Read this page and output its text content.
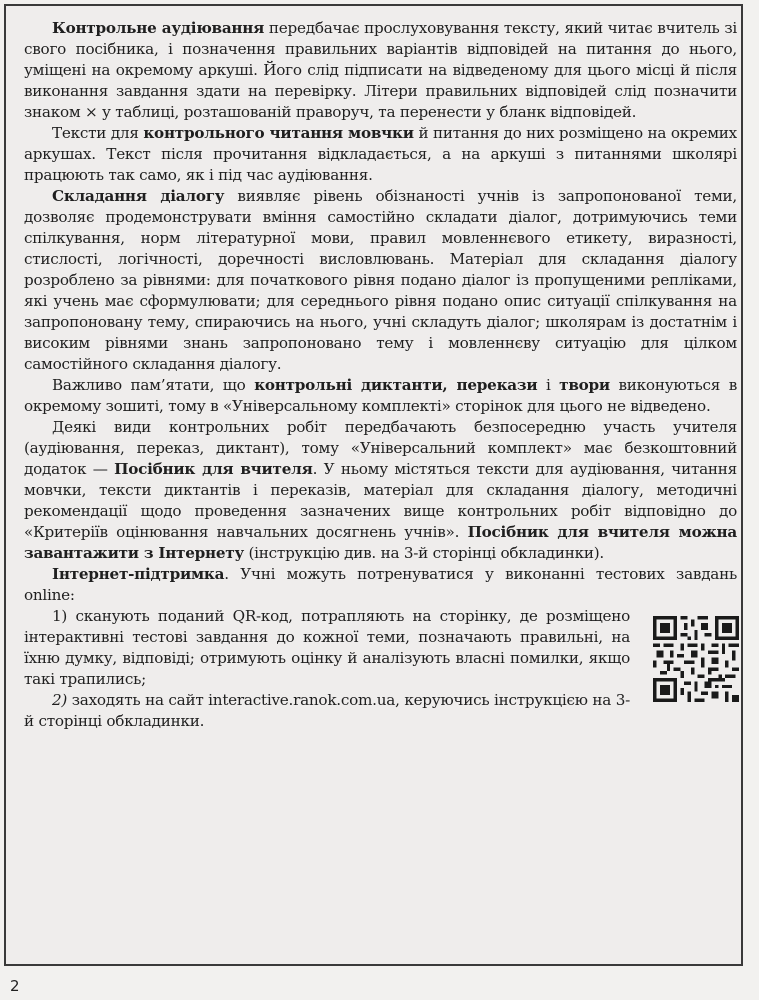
Контрольне аудіювання передбачає прослуховування тексту, який читає вчитель зі свого посібника, і позначення правильних варіантів відповідей на питання до нього, уміщені на окремому аркуші. Його слід підписати на відведеному для цього місці й після виконання завдання здати на перевірку. Літери правильних відповідей слід позначити знаком × у таблиці, розташованій праворуч, та перенести у бланк відповідей.

Тексти для контрольного читання мовчки й питання до них розміщено на окремих аркушах. Текст після прочитання відкладається, а на аркуші з питаннями школярі працюють так само, як і під час аудіювання.

Складання діалогу виявляє рівень обізнаності учнів із запропонованої теми, дозволяє продемонструвати вміння самостійно складати діалог, дотримуючись теми спілкування, норм літературної мови, правил мовленнєвого етикету, виразності, стислості, логічності, доречності висловлювань. Матеріал для складання діалогу розроблено за рівнями: для початкового рівня подано діалог із пропущеними репліками, які учень має сформулювати; для середнього рівня подано опис ситуації спілкування на запропоновану тему, спираючись на нього, учні складуть діалог; школярам із достатнім і високим рівнями знань запропоновано тему і мовленнєву ситуацію для цілком самостійного складання діалогу.

Важливо пам’ятати, що контрольні диктанти, перекази і твори виконуються в окремому зошиті, тому в «Універсальному комплекті» сторінок для цього не відведено.

Деякі види контрольних робіт передбачають безпосередню участь учителя (аудіювання, переказ, диктант), тому «Універсальний комплект» має безкоштовний додаток — Посібник для вчителя. У ньому містяться тексти для аудіювання, читання мовчки, тексти диктантів і переказів, матеріал для складання діалогу, методичні рекомендації щодо проведення зазначених вище контрольних робіт відповідно до «Критеріїв оцінювання навчальних досягнень учнів». Посібник для вчителя можна завантажити з Інтернету (інструкцію див. на 3-й сторінці обкладинки).

Інтернет-підтримка. Учні можуть потренуватися у виконанні тестових завдань online:

1) сканують поданий QR-код, потрапляють на сторінку, де розміщено інтерактивні тестові завдання до кожної теми, позначають правильні, на їхню думку, відповіді; отримують оцінку й аналізують власні помилки, якщо такі трапились;

2) заходять на сайт interactive.ranok.com.ua, керуючись інструкцією на 3-й сторінці обкладинки.

2
